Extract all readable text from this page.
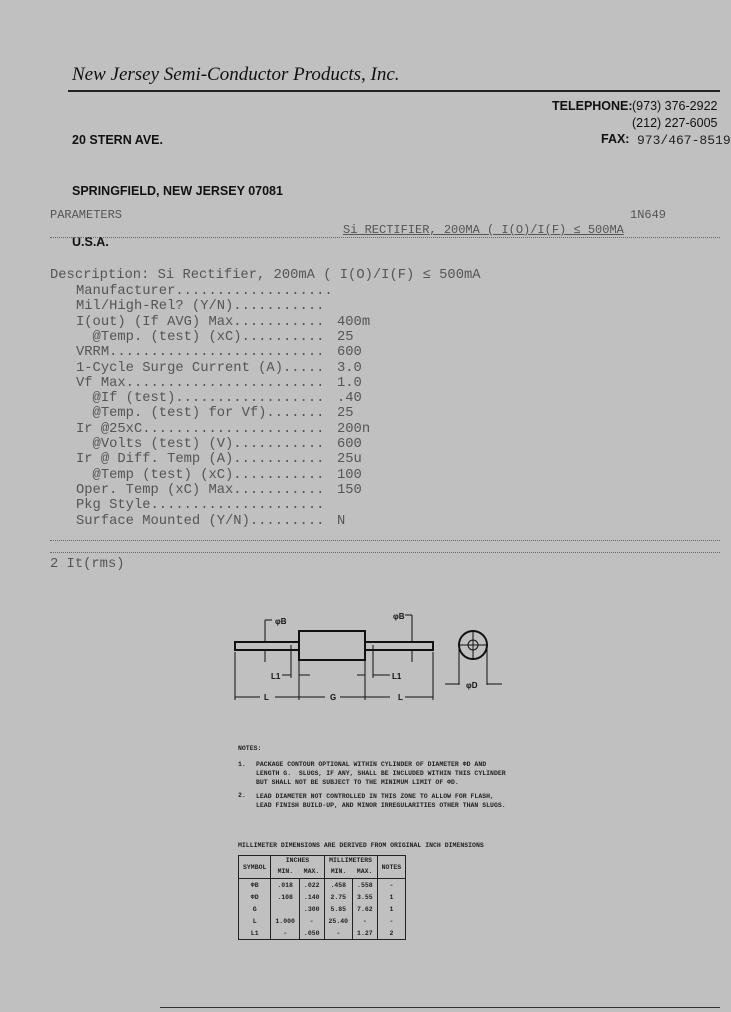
New Jersey Semi-Conductor Products, Inc.

20 STERN AVE.

SPRINGFIELD, NEW JERSEY 07081

U.S.A.

TELEPHONE: (973) 376-2922
(212) 227-6005
FAX: 973/467-8519
PARAMETERS	1N649
Si RECTIFIER, 200MA ( I(O)/I(F) ≤ 500MA
Description: Si Rectifier, 200mA ( I(O)/I(F) ≤ 500mA
Manufacturer...................
Mil/High-Rel? (Y/N)...........
I(out) (If AVG) Max........... 400m
@Temp. (test) (xC).......... 25
VRRM.......................... 600
1-Cycle Surge Current (A)..... 3.0
Vf Max........................ 1.0
@If (test).................. .40
@Temp. (test) for Vf)....... 25
Ir @25xC...................... 200n
@Volts (test) (V)........... 600
Ir @ Diff. Temp (A)........... 25u
@Temp (test) (xC)........... 100
Oper. Temp (xC) Max........... 150
Pkg Style.....................
Surface Mounted (Y/N)......... N
2 It(rms)
φB
φB
L1	L1
L	G	L
φD
NOTES:
1. PACKAGE CONTOUR OPTIONAL WITHIN CYLINDER OF DIAMETER ΦD AND
LENGTH G.  SLUGS, IF ANY, SHALL BE INCLUDED WITHIN THIS CYLINDER
BUT SHALL NOT BE SUBJECT TO THE MINIMUM LIMIT OF ΦD.
2. LEAD DIAMETER NOT CONTROLLED IN THIS ZONE TO ALLOW FOR FLASH,
LEAD FINISH BUILD-UP, AND MINOR IRREGULARITIES OTHER THAN SLUGS.
MILLIMETER DIMENSIONS ARE DERIVED FROM ORIGINAL INCH DIMENSIONS
SYMBOL	INCHES		MILLIMETERS		NOTES
	MIN.	MAX.	MIN.	MAX.	
ΦB	.018	.022	.458	.558	-
ΦD	.108	.140	2.75	3.55	1
G		.300	5.85	7.62	1
L	1.000	-	25.40	-	-
L1	-	.050	-	1.27	2
